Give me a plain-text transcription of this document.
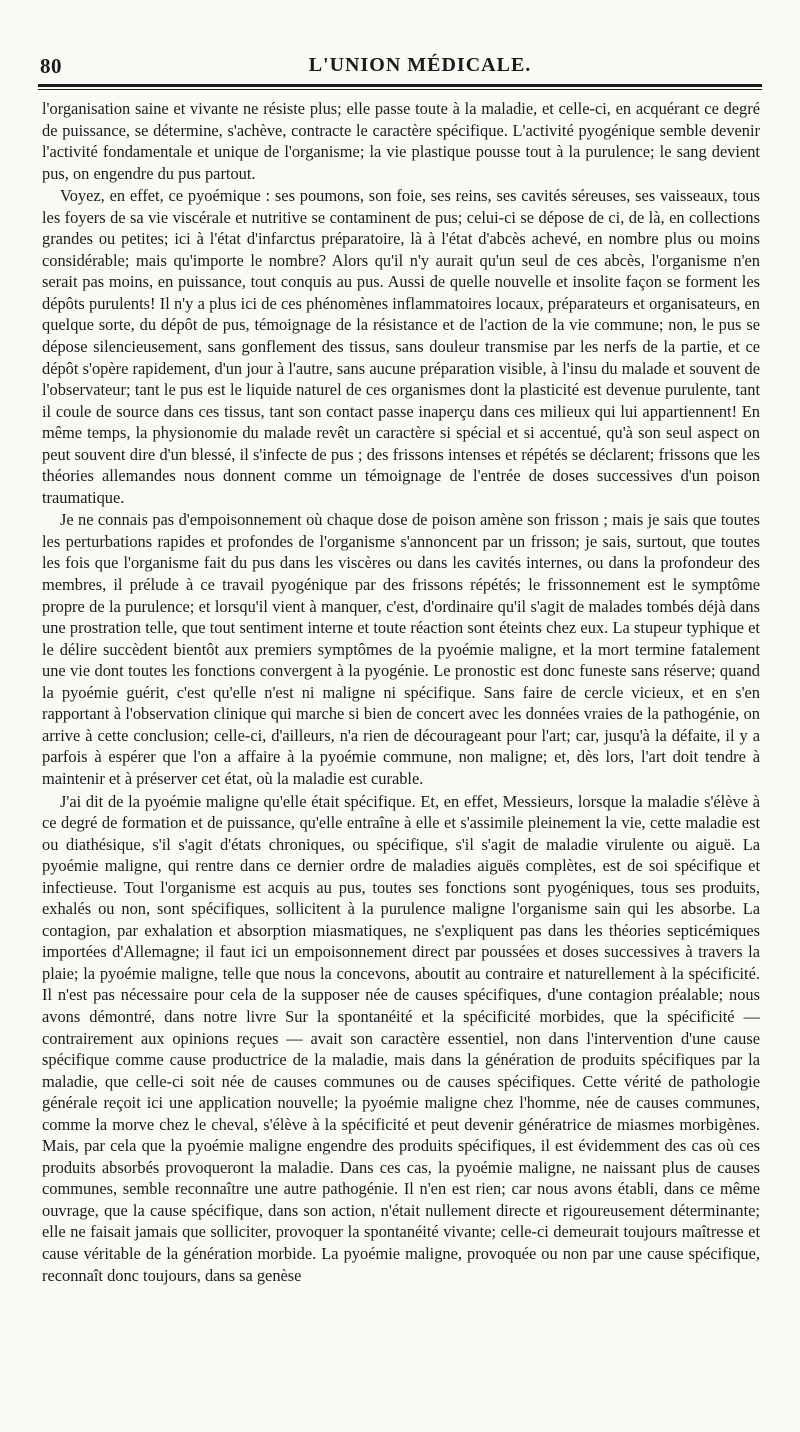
80	L'UNION MÉDICALE.

l'organisation saine et vivante ne résiste plus; elle passe toute à la maladie, et celle-ci, en acquérant ce degré de puissance, se détermine, s'achève, contracte le caractère spécifique. L'activité pyogénique semble devenir l'activité fondamentale et unique de l'organisme; la vie plastique pousse tout à la purulence; le sang devient pus, on engendre du pus partout.

Voyez, en effet, ce pyoémique : ses poumons, son foie, ses reins, ses cavités séreuses, ses vaisseaux, tous les foyers de sa vie viscérale et nutritive se contaminent de pus; celui-ci se dépose de ci, de là, en collections grandes ou petites; ici à l'état d'infarctus préparatoire, là à l'état d'abcès achevé, en nombre plus ou moins considérable; mais qu'importe le nombre? Alors qu'il n'y aurait qu'un seul de ces abcès, l'organisme n'en serait pas moins, en puissance, tout conquis au pus. Aussi de quelle nouvelle et insolite façon se forment les dépôts purulents! Il n'y a plus ici de ces phénomènes inflammatoires locaux, préparateurs et organisateurs, en quelque sorte, du dépôt de pus, témoignage de la résistance et de l'action de la vie commune; non, le pus se dépose silencieusement, sans gonflement des tissus, sans douleur transmise par les nerfs de la partie, et ce dépôt s'opère rapidement, d'un jour à l'autre, sans aucune préparation visible, à l'insu du malade et souvent de l'observateur; tant le pus est le liquide naturel de ces organismes dont la plasticité est devenue purulente, tant il coule de source dans ces tissus, tant son contact passe inaperçu dans ces milieux qui lui appartiennent! En même temps, la physionomie du malade revêt un caractère si spécial et si accentué, qu'à son seul aspect on peut souvent dire d'un blessé, il s'infecte de pus ; des frissons intenses et répétés se déclarent; frissons que les théories allemandes nous donnent comme un témoignage de l'entrée de doses successives d'un poison traumatique.

Je ne connais pas d'empoisonnement où chaque dose de poison amène son frisson ; mais je sais que toutes les perturbations rapides et profondes de l'organisme s'annoncent par un frisson; je sais, surtout, que toutes les fois que l'organisme fait du pus dans les viscères ou dans les cavités internes, ou dans la profondeur des membres, il prélude à ce travail pyogénique par des frissons répétés; le frissonnement est le symptôme propre de la purulence; et lorsqu'il vient à manquer, c'est, d'ordinaire qu'il s'agit de malades tombés déjà dans une prostration telle, que tout sentiment interne et toute réaction sont éteints chez eux. La stupeur typhique et le délire succèdent bientôt aux premiers symptômes de la pyoémie maligne, et la mort termine fatalement une vie dont toutes les fonctions convergent à la pyogénie. Le pronostic est donc funeste sans réserve; quand la pyoémie guérit, c'est qu'elle n'est ni maligne ni spécifique. Sans faire de cercle vicieux, et en s'en rapportant à l'observation clinique qui marche si bien de concert avec les données vraies de la pathogénie, on arrive à cette conclusion; celle-ci, d'ailleurs, n'a rien de décourageant pour l'art; car, jusqu'à la défaite, il y a parfois à espérer que l'on a affaire à la pyoémie commune, non maligne; et, dès lors, l'art doit tendre à maintenir et à préserver cet état, où la maladie est curable.

J'ai dit de la pyoémie maligne qu'elle était spécifique. Et, en effet, Messieurs, lorsque la maladie s'élève à ce degré de formation et de puissance, qu'elle entraîne à elle et s'assimile pleinement la vie, cette maladie est ou diathésique, s'il s'agit d'états chroniques, ou spécifique, s'il s'agit de maladie virulente ou aiguë. La pyoémie maligne, qui rentre dans ce dernier ordre de maladies aiguës complètes, est de soi spécifique et infectieuse. Tout l'organisme est acquis au pus, toutes ses fonctions sont pyogéniques, tous ses produits, exhalés ou non, sont spécifiques, sollicitent à la purulence maligne l'organisme sain qui les absorbe. La contagion, par exhalation et absorption miasmatiques, ne s'expliquent pas dans les théories septicémiques importées d'Allemagne; il faut ici un empoisonnement direct par poussées et doses successives à travers la plaie; la pyoémie maligne, telle que nous la concevons, aboutit au contraire et naturellement à la spécificité. Il n'est pas nécessaire pour cela de la supposer née de causes spécifiques, d'une contagion préalable; nous avons démontré, dans notre livre Sur la spontanéité et la spécificité morbides, que la spécificité — contrairement aux opinions reçues — avait son caractère essentiel, non dans l'intervention d'une cause spécifique comme cause productrice de la maladie, mais dans la génération de produits spécifiques par la maladie, que celle-ci soit née de causes communes ou de causes spécifiques. Cette vérité de pathologie générale reçoit ici une application nouvelle; la pyoémie maligne chez l'homme, née de causes communes, comme la morve chez le cheval, s'élève à la spécificité et peut devenir génératrice de miasmes morbigènes. Mais, par cela que la pyoémie maligne engendre des produits spécifiques, il est évidemment des cas où ces produits absorbés provoqueront la maladie. Dans ces cas, la pyoémie maligne, ne naissant plus de causes communes, semble reconnaître une autre pathogénie. Il n'en est rien; car nous avons établi, dans ce même ouvrage, que la cause spécifique, dans son action, n'était nullement directe et rigoureusement déterminante; elle ne faisait jamais que solliciter, provoquer la spontanéité vivante; celle-ci demeurait toujours maîtresse et cause véritable de la génération morbide. La pyoémie maligne, provoquée ou non par une cause spécifique, reconnaît donc toujours, dans sa genèse
